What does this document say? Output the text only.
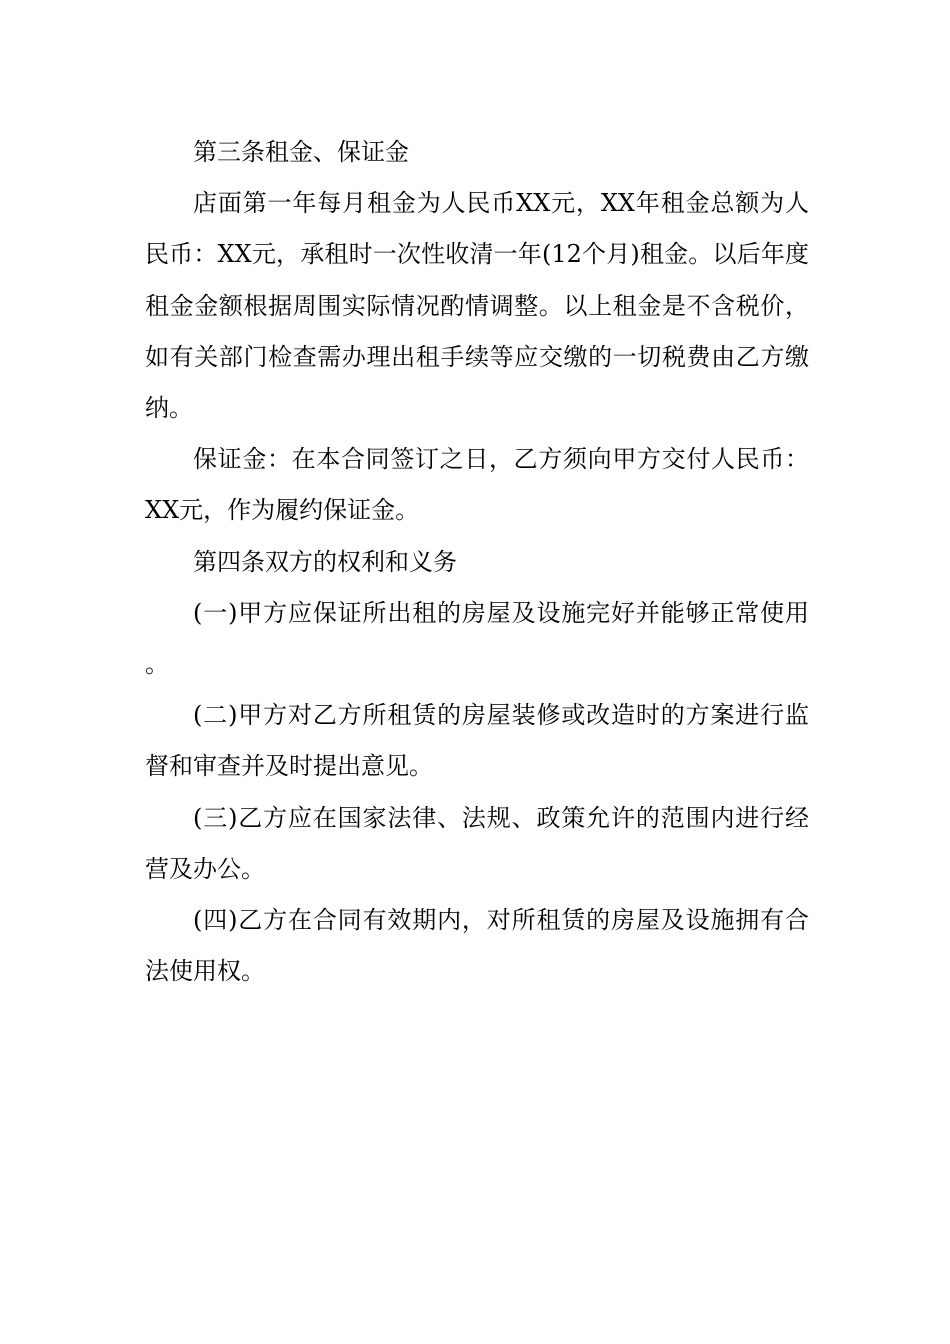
第三条租金、保证金

店面第一年每月租金为人民币XX元，XX年租金总额为人民币：XX元，承租时一次性收清一年(12个月)租金。以后年度租金金额根据周围实际情况酌情调整。以上租金是不含税价，如有关部门检查需办理出租手续等应交缴的一切税费由乙方缴纳。

保证金：在本合同签订之日，乙方须向甲方交付人民币：XX元，作为履约保证金。

第四条双方的权利和义务

(一)甲方应保证所出租的房屋及设施完好并能够正常使用。

(二)甲方对乙方所租赁的房屋装修或改造时的方案进行监督和审查并及时提出意见。

(三)乙方应在国家法律、法规、政策允许的范围内进行经营及办公。

(四)乙方在合同有效期内，对所租赁的房屋及设施拥有合法使用权。
